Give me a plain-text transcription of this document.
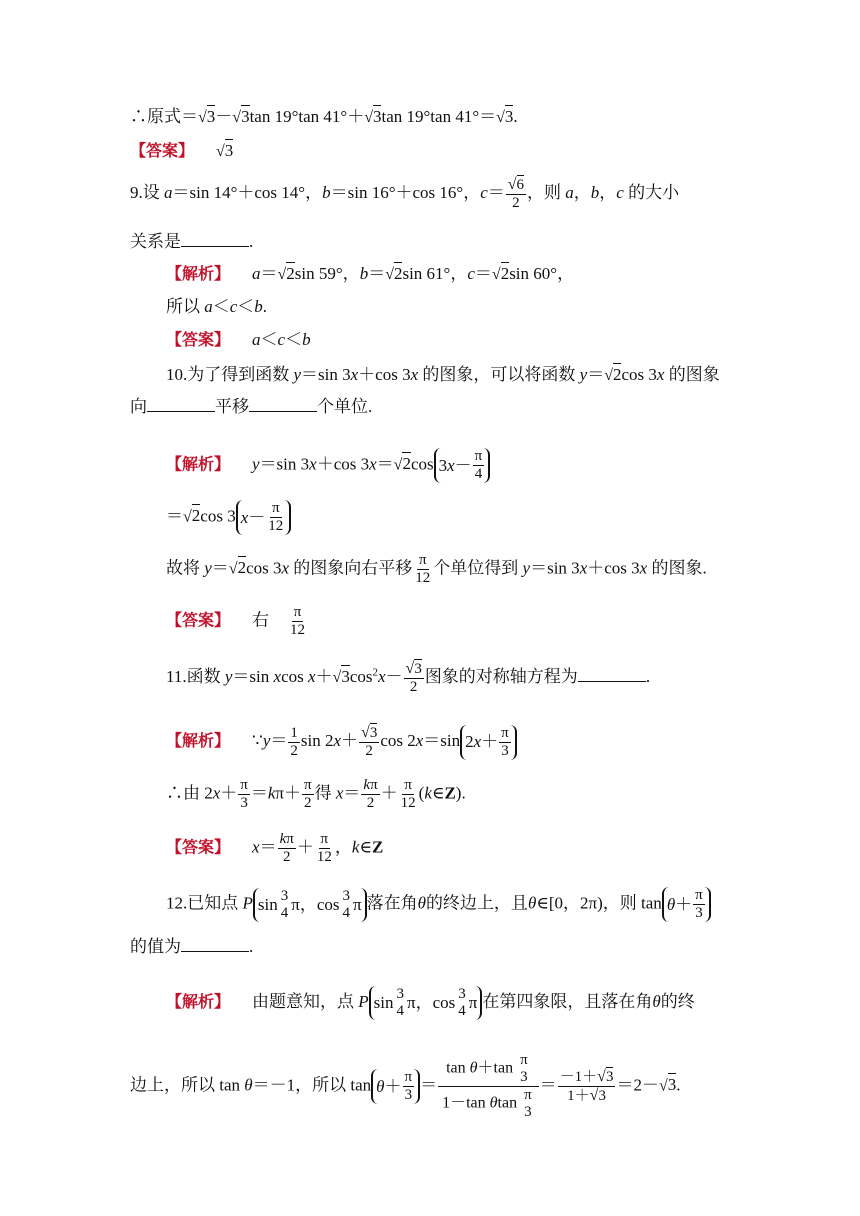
∴原式＝√3－√3tan 19°tan 41°＋√3tan 19°tan 41°＝√3.
【答案】 √3
9.设 a＝sin 14°＋cos 14°，b＝sin 16°＋cos 16°，$c= \frac{√6}{2}$ ，则 a，b，c 的大小
关系是	.
【解析】 a＝√2sin 59°，b＝√2sin 61°，c＝√2sin 60°，
所以 a＜c＜b.
【答案】 a＜c＜b
10.为了得到函数 y＝sin 3x＋cos 3x 的图象，可以将函数 y＝√2cos 3x 的图象
向	平移	个单位.
【解析】 y＝sin 3x＋cos 3x＝√2cos 3 $x - \frac{\pi}{4}$
＝√2cos 3 $x - \frac{\pi}{12}$
故将 y＝√2cos 3x 的图象向右平移 $\frac{\pi}{12}$ 个单位得到 y＝sin 3x＋cos 3x 的图象.
【答案】 右 $\frac{\pi}{12}$
11.函数 y＝sin xcos $x+√3\cos^2x- \frac{√3}{2}$ 图象的对称轴方程为	.
【解析】 ∵y＝ $\frac{1}{2}$ $\sin 2x+ \frac{√3}{2}$ cos 2x＝sin 2 $x + \frac{\pi}{3}$
∴由 $2x+ \frac{\pi}{3} =k\pi+ \frac{\pi}{2}$ 得 $x= \frac{k\pi}{2} + \frac{\pi}{12}$ (k∈Z).
【答案】 $x= \frac{k\pi}{2} + \frac{\pi}{12}$ ，k∈Z
12.已知点 P sin 3
4 π，cos 3
4 π 落在角θ的终边上，且θ∈[0，2π)，则 $\tan \theta + \frac{\pi}{3}$
的值为	.
【解析】 由题意知，点 P sin 3
4 π，cos 3
4 π 在第四象限，且落在角θ的终
边上，所以 tan θ＝－1，所以 $\tan \theta + \frac{\pi}{3} = \tan \theta+\tan$ π
3
1－tan θtan π
$3 = \frac{-1+√3}{1+√3} =2-√3$.
